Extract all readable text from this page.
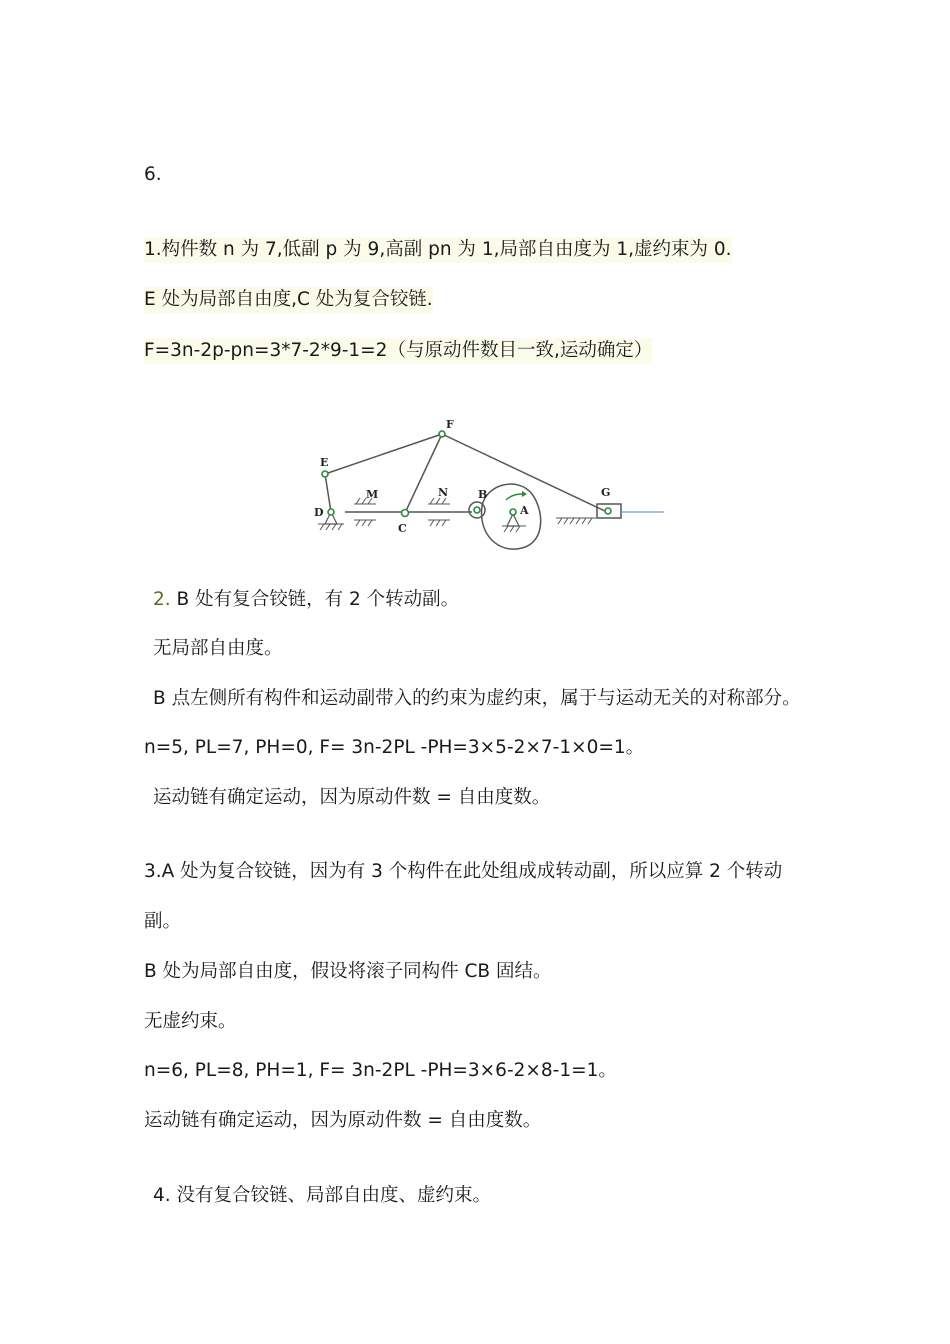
6.
1.构件数 n 为 7,低副 p 为 9,高副 pn 为 1,局部自由度为 1,虚约束为 0.
E 处为局部自由度,C 处为复合铰链.
F=3n-2p-pn=3*7-2*9-1=2（与原动件数目一致,运动确定）
F
E
D
M
C
N	B
A
G
2. B 处有复合铰链，有 2 个转动副。
无局部自由度。
B 点左侧所有构件和运动副带入的约束为虚约束，属于与运动无关的对称部分。
n=5, PL=7, PH=0, F= 3n-2PL -PH=3×5-2×7-1×0=1。
运动链有确定运动，因为原动件数 = 自由度数。
3.A 处为复合铰链，因为有 3 个构件在此处组成成转动副，所以应算 2 个转动
副。
B 处为局部自由度，假设将滚子同构件 CB 固结。
无虚约束。
n=6, PL=8, PH=1, F= 3n-2PL -PH=3×6-2×8-1=1。
运动链有确定运动，因为原动件数 = 自由度数。
4. 没有复合铰链、局部自由度、虚约束。
